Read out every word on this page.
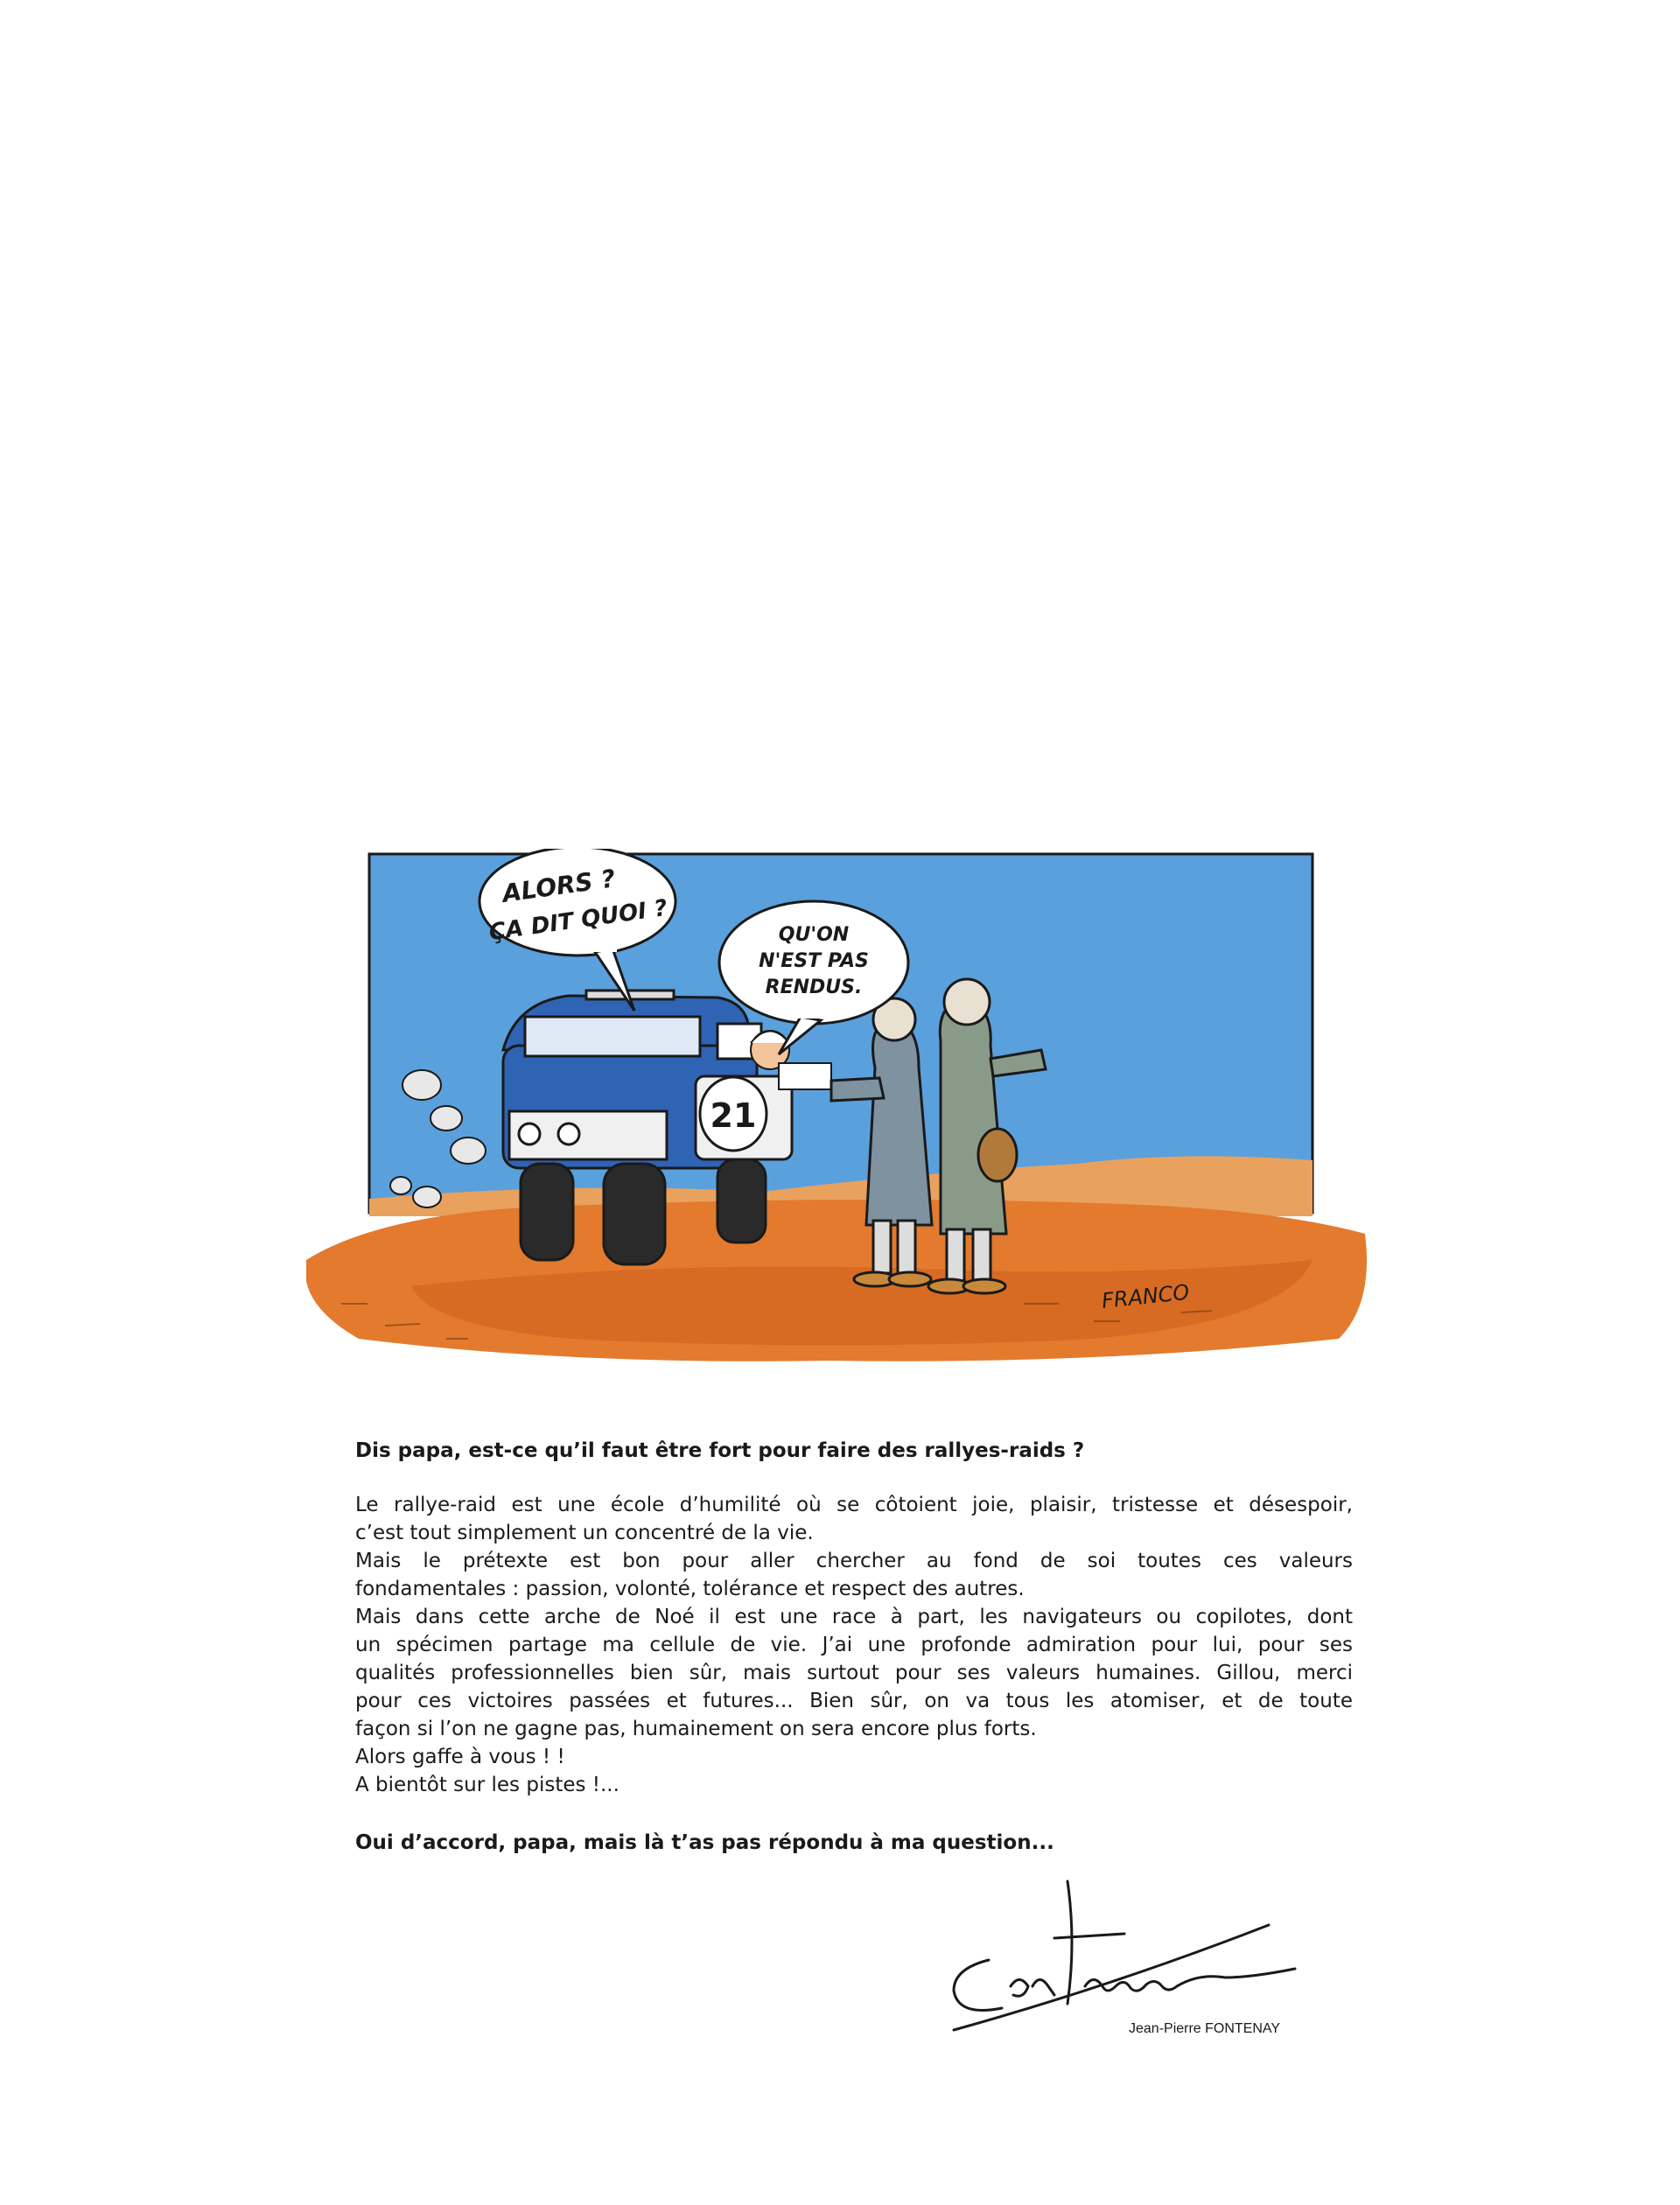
21
ALORS ?
ÇA DIT QUOI ?	QU'ON
N'EST PAS
RENDUS.
FRANCO

Dis papa, est-ce qu’il faut être fort pour faire des rallyes-raids ?

Le rallye-raid est une école d’humilité où se côtoient joie, plaisir, tristesse et désespoir,
c’est tout simplement un concentré de la vie.
Mais le prétexte est bon pour aller chercher au fond de soi toutes ces valeurs
fondamentales : passion, volonté, tolérance et respect des autres.
Mais dans cette arche de Noé il est une race à part, les navigateurs ou copilotes, dont
un spécimen partage ma cellule de vie. J’ai une profonde admiration pour lui, pour ses
qualités professionnelles bien sûr, mais surtout pour ses valeurs humaines. Gillou, merci
pour ces victoires passées et futures... Bien sûr, on va tous les atomiser, et de toute
façon si l’on ne gagne pas, humainement on sera encore plus forts.
Alors gaffe à vous ! !
A bientôt sur les pistes !...

Oui d’accord, papa, mais là t’as pas répondu à ma question...

Jean-Pierre FONTENAY
